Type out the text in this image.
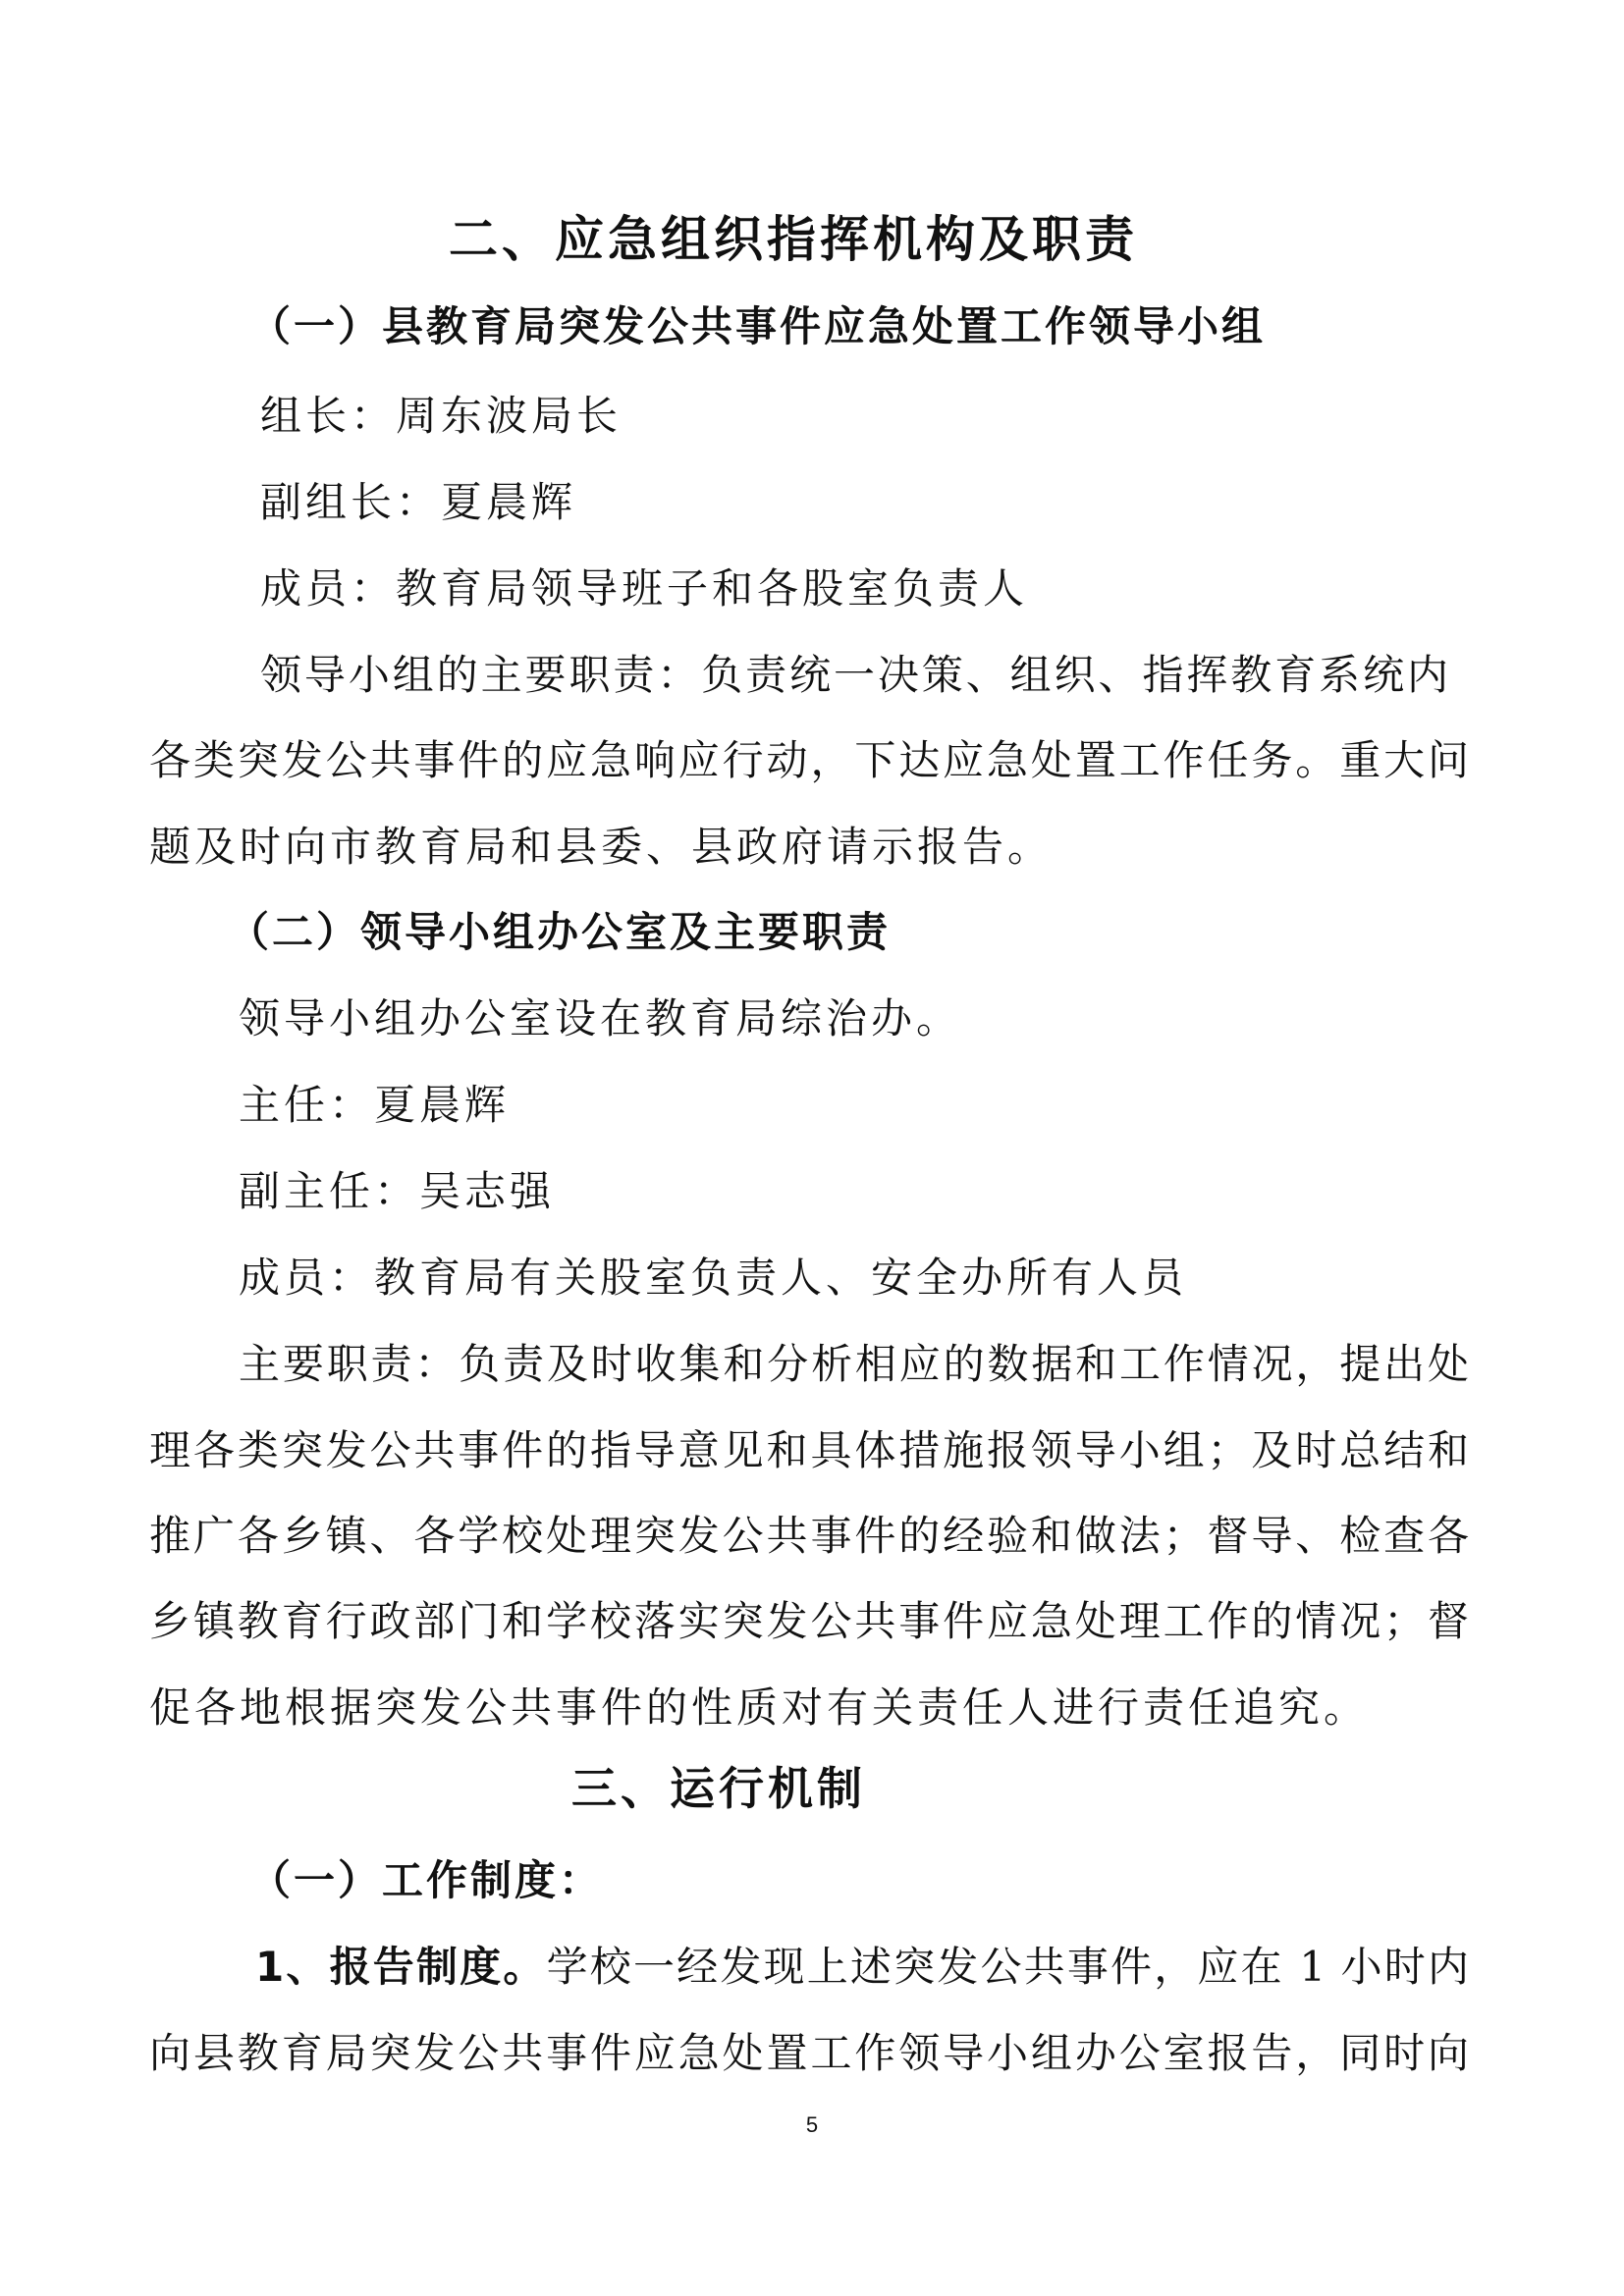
二、应急组织指挥机构及职责
（一）县教育局突发公共事件应急处置工作领导小组
组长：周东波局长
副组长：夏晨辉
成员：教育局领导班子和各股室负责人
领导小组的主要职责：负责统一决策、组织、指挥教育系统内
各类突发公共事件的应急响应行动，下达应急处置工作任务。重大问
题及时向市教育局和县委、县政府请示报告。
（二）领导小组办公室及主要职责
领导小组办公室设在教育局综治办。
主任：夏晨辉
副主任：吴志强
成员：教育局有关股室负责人、安全办所有人员
主要职责：负责及时收集和分析相应的数据和工作情况，提出处
理各类突发公共事件的指导意见和具体措施报领导小组；及时总结和
推广各乡镇、各学校处理突发公共事件的经验和做法；督导、检查各
乡镇教育行政部门和学校落实突发公共事件应急处理工作的情况；督
促各地根据突发公共事件的性质对有关责任人进行责任追究。
三、运行机制
（一）工作制度：
1、报告制度。学校一经发现上述突发公共事件，应在 1 小时内
向县教育局突发公共事件应急处置工作领导小组办公室报告，同时向
5
